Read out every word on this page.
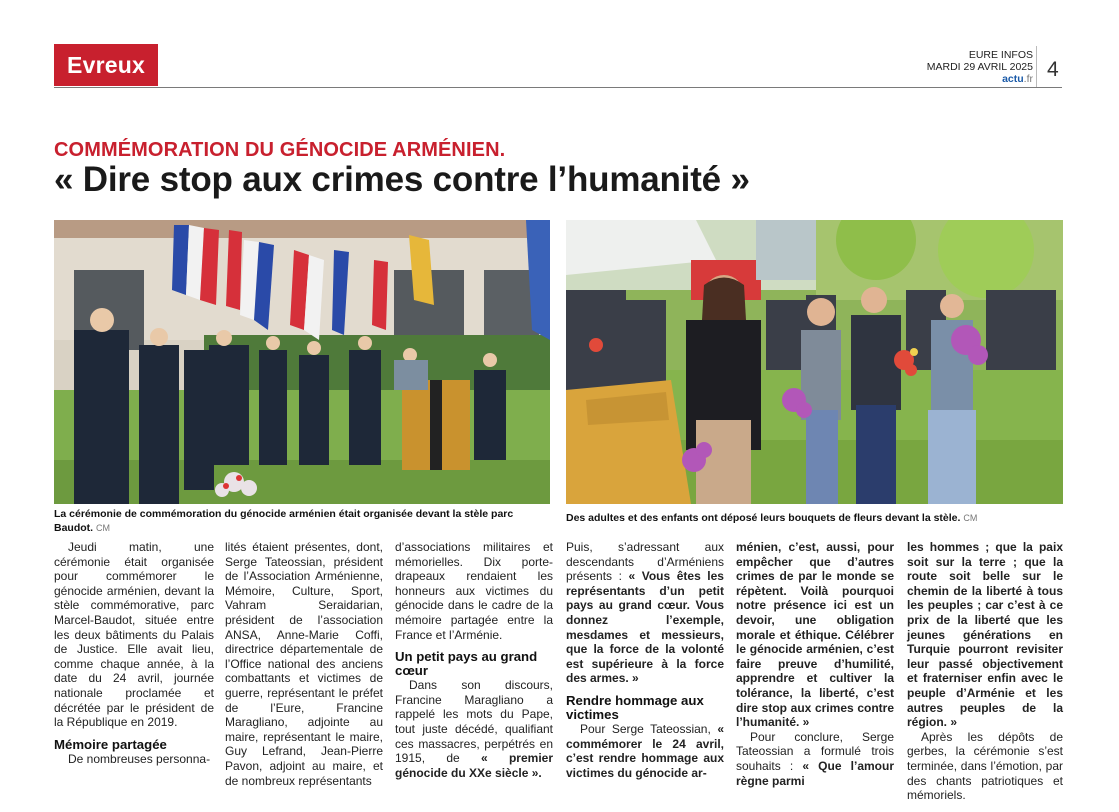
Evreux	EURE INFOS
MARDI 29 AVRIL 2025
actu.fr 4
COMMÉMORATION DU GÉNOCIDE ARMÉNIEN.
« Dire stop aux crimes contre l’humanité »
La cérémonie de commémoration du génocide arménien était organisée devant la stèle parc Baudot. CM
Des adultes et des enfants ont déposé leurs bouquets de fleurs devant la stèle. CM

Jeudi matin, une cérémonie était organisée pour commémorer le génocide arménien, devant la stèle commémorative, parc Marcel-Baudot, située entre les deux bâtiments du Palais de Justice. Elle avait lieu, comme chaque année, à la date du 24 avril, journée nationale proclamée et décrétée par le président de la République en 2019.

Mémoire partagée

De nombreuses personna-

lités étaient présentes, dont, Serge Tateossian, président de l’Association Arménienne, Mémoire, Culture, Sport, Vahram Seraidarian, président de l’association ANSA, Anne-Marie Coffi, directrice départementale de l’Office national des anciens combattants et victimes de guerre, représentant le préfet de l’Eure, Francine Maragliano, adjointe au maire, représentant le maire, Guy Lefrand, Jean-Pierre Pavon, adjoint au maire, et de nombreux représentants

d’associations militaires et mémorielles. Dix porte-drapeaux rendaient les honneurs aux victimes du génocide dans le cadre de la mémoire partagée entre la France et l’Arménie.

Un petit pays au grand cœur

Dans son discours, Francine Maragliano a rappelé les mots du Pape, tout juste décédé, qualifiant ces massacres, perpétrés en 1915, de « premier génocide du XXe siècle ».

Puis, s’adressant aux descendants d’Arméniens présents : « Vous êtes les représentants d’un petit pays au grand cœur. Vous donnez l’exemple, mesdames et messieurs, que la force de la volonté est supérieure à la force des armes. »

Rendre hommage aux victimes

Pour Serge Tateossian, « commémorer le 24 avril, c’est rendre hommage aux victimes du génocide ar-

ménien, c’est, aussi, pour empêcher que d’autres crimes de par le monde se répètent. Voilà pourquoi notre présence ici est un devoir, une obligation morale et éthique. Célébrer le génocide arménien, c’est faire preuve d’humilité, apprendre et cultiver la tolérance, la liberté, c’est dire stop aux crimes contre l’humanité. »

Pour conclure, Serge Tateossian a formulé trois souhaits : « Que l’amour règne parmi

les hommes ; que la paix soit sur la terre ; que la route soit belle sur le chemin de la liberté à tous les peuples ; car c’est à ce prix de la liberté que les jeunes générations en Turquie pourront revisiter leur passé objectivement et fraterniser enfin avec le peuple d’Arménie et les autres peuples de la région. »

Après les dépôts de gerbes, la cérémonie s’est terminée, dans l’émotion, par des chants patriotiques et mémoriels.
